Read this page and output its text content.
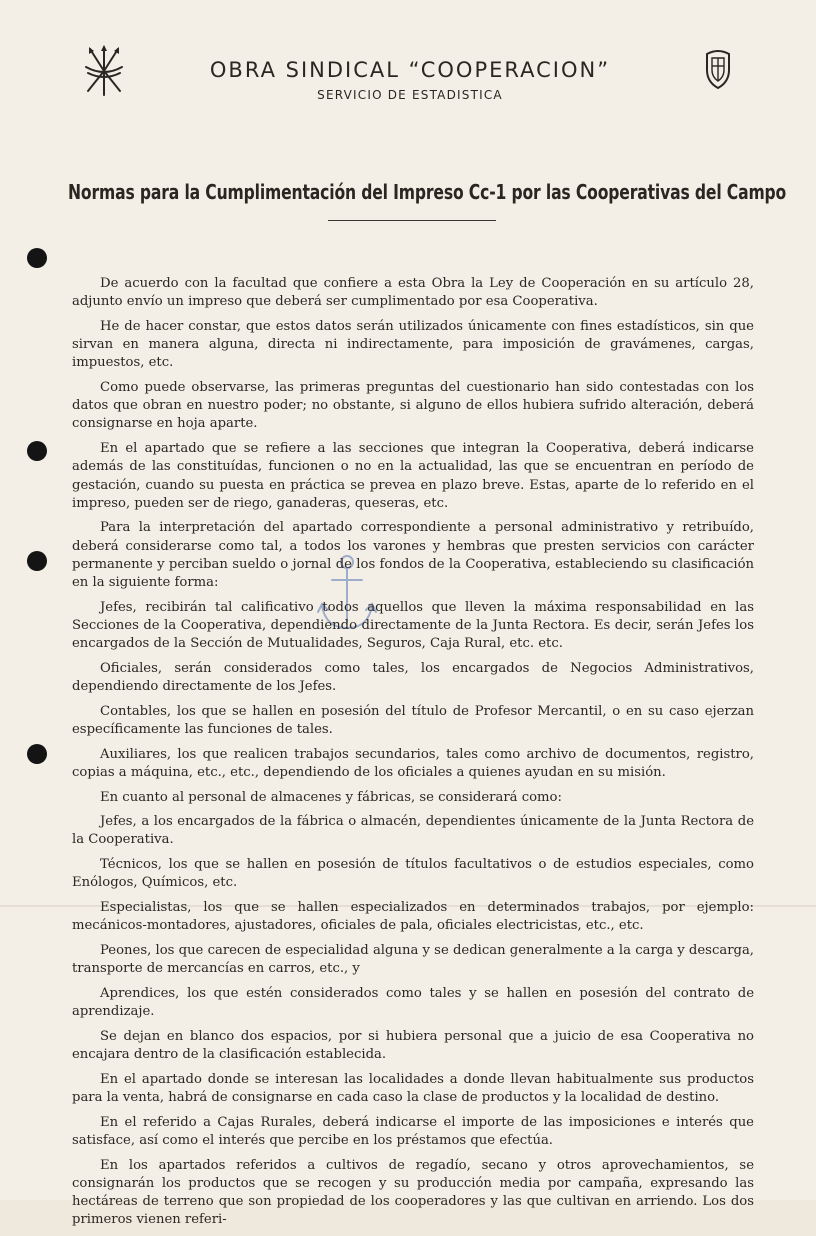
OBRA SINDICAL “COOPERACION”
SERVICIO DE ESTADISTICA
Normas para la Cumplimentación del Impreso Cc-1 por las Cooperativas del Campo

De acuerdo con la facultad que confiere a esta Obra la Ley de Cooperación en su artículo 28, adjunto envío un impreso que deberá ser cumplimentado por esa Cooperativa.

He de hacer constar, que estos datos serán utilizados únicamente con fines estadísticos, sin que sirvan en manera alguna, directa ni indirectamente, para imposición de gravámenes, cargas, impuestos, etc.

Como puede observarse, las primeras preguntas del cuestionario han sido contestadas con los datos que obran en nuestro poder; no obstante, si alguno de ellos hubiera sufrido alteración, deberá consignarse en hoja aparte.

En el apartado que se refiere a las secciones que integran la Cooperativa, deberá indicarse además de las constituídas, funcionen o no en la actualidad, las que se encuentran en período de gestación, cuando su puesta en práctica se prevea en plazo breve. Estas, aparte de lo referido en el impreso, pueden ser de riego, ganaderas, queseras, etc.

Para la interpretación del apartado correspondiente a personal administrativo y retribuído, deberá considerarse como tal, a todos los varones y hembras que presten servicios con carácter permanente y perciban sueldo o jornal de los fondos de la Cooperativa, estableciendo su clasificación en la siguiente forma:

Jefes, recibirán tal calificativo todos aquellos que lleven la máxima responsabilidad en las Secciones de la Cooperativa, dependiendo directamente de la Junta Rectora. Es decir, serán Jefes los encargados de la Sección de Mutualidades, Seguros, Caja Rural, etc. etc.

Oficiales, serán considerados como tales, los encargados de Negocios Administrativos, dependiendo directamente de los Jefes.

Contables, los que se hallen en posesión del título de Profesor Mercantil, o en su caso ejerzan específicamente las funciones de tales.

Auxiliares, los que realicen trabajos secundarios, tales como archivo de documentos, registro, copias a máquina, etc., etc., dependiendo de los oficiales a quienes ayudan en su misión.

En cuanto al personal de almacenes y fábricas, se considerará como:

Jefes, a los encargados de la fábrica o almacén, dependientes únicamente de la Junta Rectora de la Cooperativa.

Técnicos, los que se hallen en posesión de títulos facultativos o de estudios especiales, como Enólogos, Químicos, etc.

Especialistas, los que se hallen especializados en determinados trabajos, por ejemplo: mecánicos-montadores, ajustadores, oficiales de pala, oficiales electricistas, etc., etc.

Peones, los que carecen de especialidad alguna y se dedican generalmente a la carga y descarga, transporte de mercancías en carros, etc., y

Aprendices, los que estén considerados como tales y se hallen en posesión del contrato de aprendizaje.

Se dejan en blanco dos espacios, por si hubiera personal que a juicio de esa Cooperativa no encajara dentro de la clasificación establecida.

En el apartado donde se interesan las localidades a donde llevan habitualmente sus productos para la venta, habrá de consignarse en cada caso la clase de productos y la localidad de destino.

En el referido a Cajas Rurales, deberá indicarse el importe de las imposiciones e interés que satisface, así como el interés que percibe en los préstamos que efectúa.

En los apartados referidos a cultivos de regadío, secano y otros aprovechamientos, se consignarán los productos que se recogen y su producción media por campaña, expresando las hectáreas de terreno que son propiedad de los cooperadores y las que cultivan en arriendo. Los dos primeros vienen referi-
